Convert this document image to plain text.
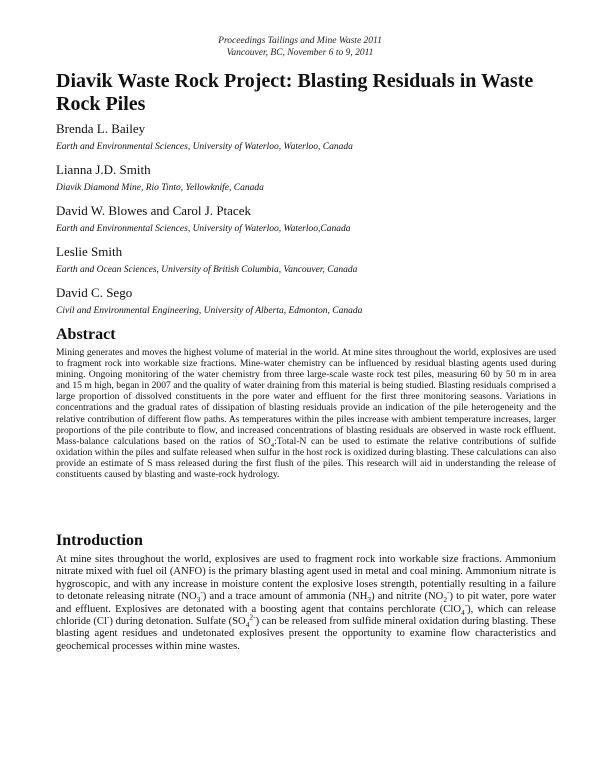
Proceedings Tailings and Mine Waste 2011
Vancouver, BC, November 6 to 9, 2011
Diavik Waste Rock Project: Blasting Residuals in Waste Rock Piles

Brenda L. Bailey

Earth and Environmental Sciences, University of Waterloo, Waterloo, Canada

Lianna J.D. Smith

Diavik Diamond Mine, Rio Tinto, Yellowknife, Canada

David W. Blowes and Carol J. Ptacek

Earth and Environmental Sciences, University of Waterloo, Waterloo,Canada

Leslie Smith

Earth and Ocean Sciences, University of British Columbia, Vancouver, Canada

David C. Sego

Civil and Environmental Engineering, University of Alberta, Edmonton, Canada

Abstract

Mining generates and moves the highest volume of material in the world. At mine sites throughout the world, explosives are used to fragment rock into workable size fractions. Mine-water chemistry can be influenced by residual blasting agents used during mining. Ongoing monitoring of the water chemistry from three large-scale waste rock test piles, measuring 60 by 50 m in area and 15 m high, began in 2007 and the quality of water draining from this material is being studied. Blasting residuals comprised a large proportion of dissolved constituents in the pore water and effluent for the first three monitoring seasons. Variations in concentrations and the gradual rates of dissipation of blasting residuals provide an indication of the pile heterogeneity and the relative contribution of different flow paths. As temperatures within the piles increase with ambient temperature increases, larger proportions of the pile contribute to flow, and increased concentrations of blasting residuals are observed in waste rock effluent. Mass-balance calculations based on the ratios of $SO_4:Total-N$ can be used to estimate the relative contributions of sulfide oxidation within the piles and sulfate released when sulfur in the host rock is oxidized during blasting. These calculations can also provide an estimate of S mass released during the first flush of the piles. This research will aid in understanding the release of constituents caused by blasting and waste-rock hydrology.

Introduction

At mine sites throughout the world, explosives are used to fragment rock into workable size fractions. Ammonium nitrate mixed with fuel oil (ANFO) is the primary blasting agent used in metal and coal mining. Ammonium nitrate is hygroscopic, and with any increase in moisture content the explosive loses strength, potentially resulting in a failure to detonate releasing nitrate $(NO_3^-)$ and a trace amount of ammonia $(NH_3)$ and nitrite $(NO_2^-)$ to pit water, pore water and effluent. Explosives are detonated with a boosting agent that contains perchlorate (ClO$_4$-), which can release chloride (Cl-) during detonation. Sulfate $(SO_4^{2-})$ can be released from sulfide mineral oxidation during blasting. These blasting agent residues and undetonated explosives present the opportunity to examine flow characteristics and geochemical processes within mine wastes.
